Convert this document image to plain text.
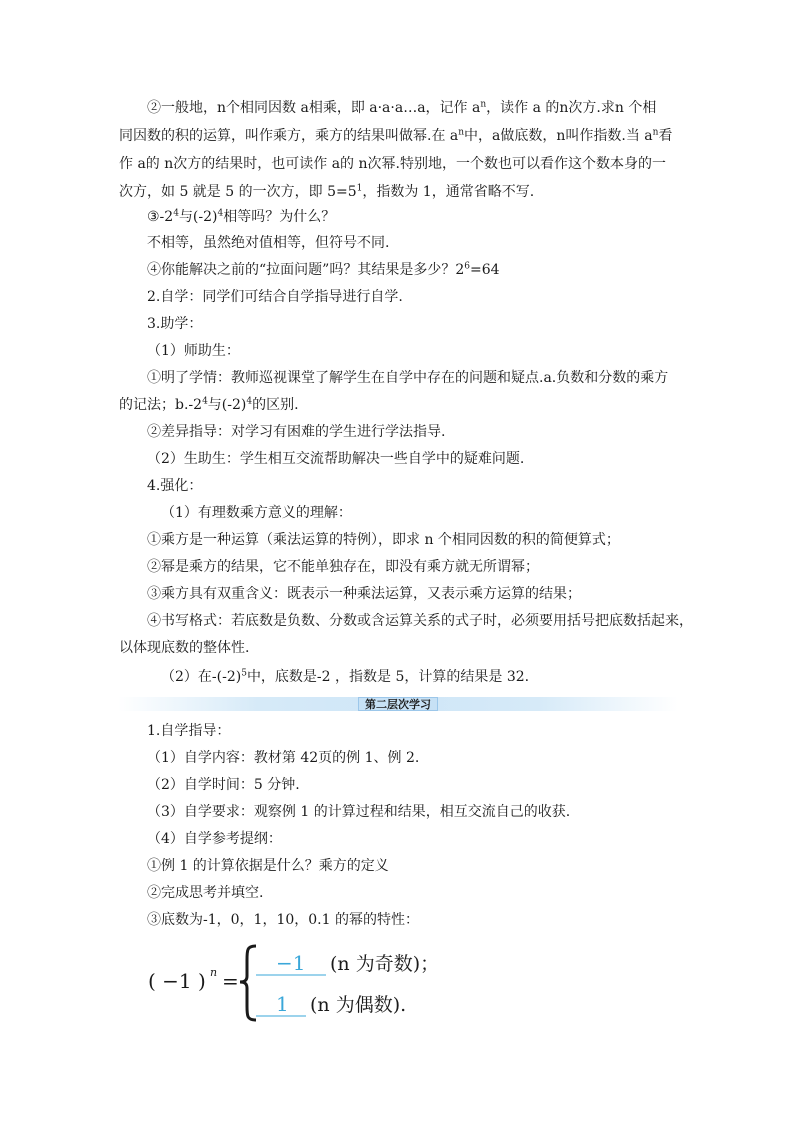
②一般地，n个相同因数 a相乘，即 a·a·a…a，记作 $a^n$，读作 a 的n次方.求n 个相
同因数的积的运算，叫作乘方，乘方的结果叫做幂.在 $a^n$中，a做底数，n叫作指数.当 $a^n$看
作 a的 n次方的结果时，也可读作 a的 n次幂.特别地，一个数也可以看作这个数本身的一
次方，如 5 就是 5 的一次方，即 $5=5^1$，指数为 1，通常省略不写.
$③-2^4$与$(-2)^4$相等吗？为什么？
不相等，虽然绝对值相等，但符号不同.
④你能解决之前的“拉面问题”吗？其结果是多少？$2^6=64$
2.自学：同学们可结合自学指导进行自学.
3.助学：
（1）师助生：
①明了学情：教师巡视课堂了解学生在自学中存在的问题和疑点.a.负数和分数的乘方
的记法；$b.-2^4$与$(-2)^4$的区别.
②差异指导：对学习有困难的学生进行学法指导.
（2）生助生：学生相互交流帮助解决一些自学中的疑难问题.
4.强化：
（1）有理数乘方意义的理解：
①乘方是一种运算（乘法运算的特例），即求 n 个相同因数的积的简便算式；
②幂是乘方的结果，它不能单独存在，即没有乘方就无所谓幂；
③乘方具有双重含义：既表示一种乘法运算，又表示乘方运算的结果；
④书写格式：若底数是负数、分数或含运算关系的式子时，必须要用括号把底数括起来，
以体现底数的整体性.
（2）在$-(-2)^5$中，底数是-2 ，指数是 5，计算的结果是 32.
第二层次学习
1.自学指导：
（1）自学内容：教材第 42页的例 1、例 2.
（2）自学时间：5 分钟.
（3）自学要求：观察例 1 的计算过程和结果，相互交流自己的收获.
（4）自学参考提纲：
①例 1 的计算依据是什么？乘方的定义
②完成思考并填空.
③底数为-1，0，1，10，0.1 的幂的特性：
( −1 ) n =
−1 (n 为奇数)；
1 (n 为偶数).
